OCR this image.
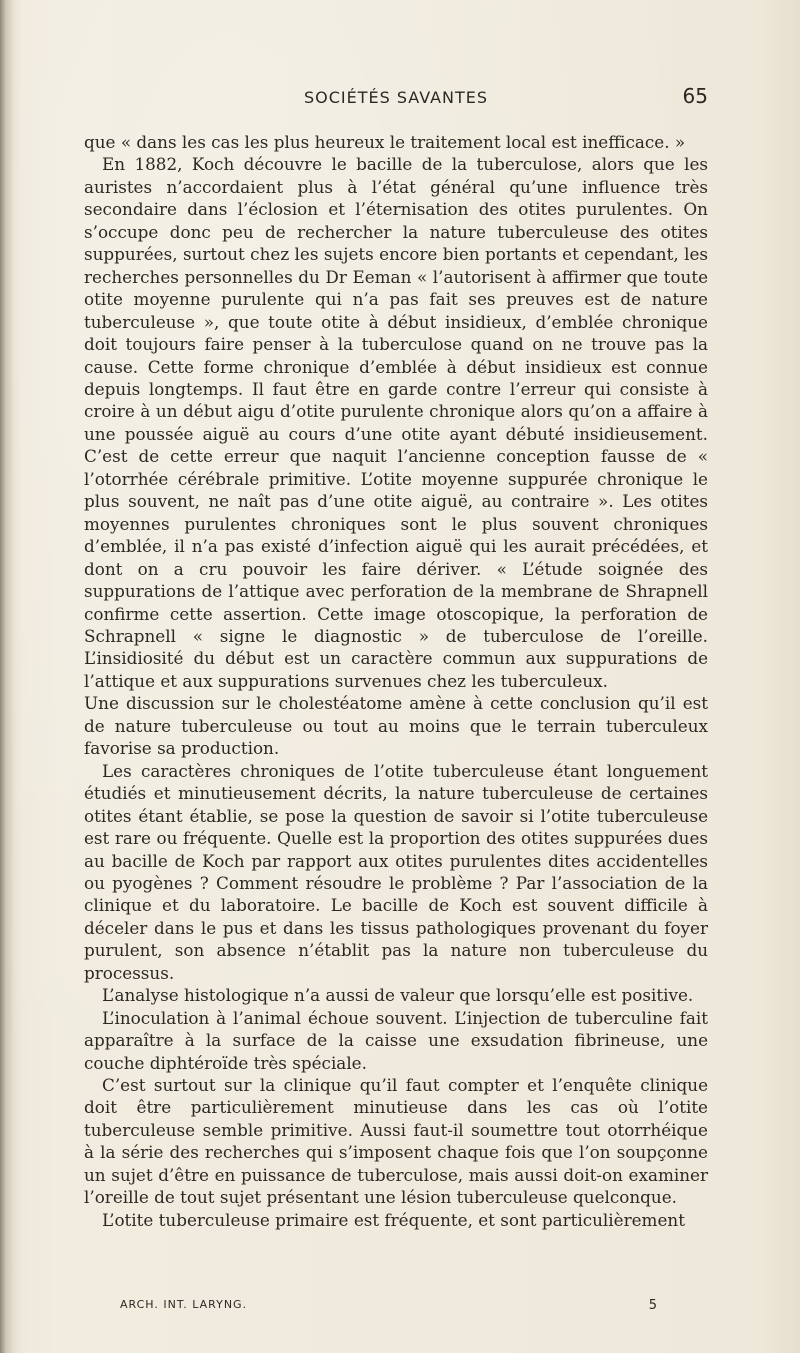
SOCIÉTÉS SAVANTES	65

que « dans les cas les plus heureux le traitement local est inefficace. »

En 1882, Koch découvre le bacille de la tuberculose, alors que les auristes n’accordaient plus à l’état général qu’une influence très secondaire dans l’éclosion et l’éternisation des otites purulentes. On s’occupe donc peu de rechercher la nature tuberculeuse des otites suppurées, surtout chez les sujets encore bien portants et cependant, les recherches personnelles du Dr Eeman « l’autorisent à affirmer que toute otite moyenne purulente qui n’a pas fait ses preuves est de nature tuberculeuse », que toute otite à début insidieux, d’emblée chronique doit toujours faire penser à la tuberculose quand on ne trouve pas la cause. Cette forme chronique d’emblée à début insidieux est connue depuis longtemps. Il faut être en garde contre l’erreur qui consiste à croire à un début aigu d’otite purulente chronique alors qu’on a affaire à une poussée aiguë au cours d’une otite ayant débuté insidieusement. C’est de cette erreur que naquit l’ancienne conception fausse de « l’otorrhée cérébrale primitive. L’otite moyenne suppurée chronique le plus souvent, ne naît pas d’une otite aiguë, au contraire ». Les otites moyennes purulentes chroniques sont le plus souvent chroniques d’emblée, il n’a pas existé d’infection aiguë qui les aurait précédées, et dont on a cru pouvoir les faire dériver. « L’étude soignée des suppurations de l’attique avec perforation de la membrane de Shrapnell confirme cette assertion. Cette image otoscopique, la perforation de Schrapnell « signe le diagnostic » de tuberculose de l’oreille. L’insidiosité du début est un caractère commun aux suppurations de l’attique et aux suppurations survenues chez les tuberculeux.

Une discussion sur le cholestéatome amène à cette conclusion qu’il est de nature tuberculeuse ou tout au moins que le terrain tuberculeux favorise sa production.

Les caractères chroniques de l’otite tuberculeuse étant longuement étudiés et minutieusement décrits, la nature tuberculeuse de certaines otites étant établie, se pose la question de savoir si l’otite tuberculeuse est rare ou fréquente. Quelle est la proportion des otites suppurées dues au bacille de Koch par rapport aux otites purulentes dites accidentelles ou pyogènes ? Comment résoudre le problème ? Par l’association de la clinique et du laboratoire. Le bacille de Koch est souvent difficile à déceler dans le pus et dans les tissus pathologiques provenant du foyer purulent, son absence n’établit pas la nature non tuberculeuse du processus.

L’analyse histologique n’a aussi de valeur que lorsqu’elle est positive.

L’inoculation à l’animal échoue souvent. L’injection de tuberculine fait apparaître à la surface de la caisse une exsudation fibrineuse, une couche diphtéroïde très spéciale.

C’est surtout sur la clinique qu’il faut compter et l’enquête clinique doit être particulièrement minutieuse dans les cas où l’otite tuberculeuse semble primitive. Aussi faut-il soumettre tout otorrhéique à la série des recherches qui s’imposent chaque fois que l’on soupçonne un sujet d’être en puissance de tuberculose, mais aussi doit-on examiner l’oreille de tout sujet présentant une lésion tuberculeuse quelconque.

L’otite tuberculeuse primaire est fréquente, et sont particulièrement

ARCH. INT. LARYNG.	5
